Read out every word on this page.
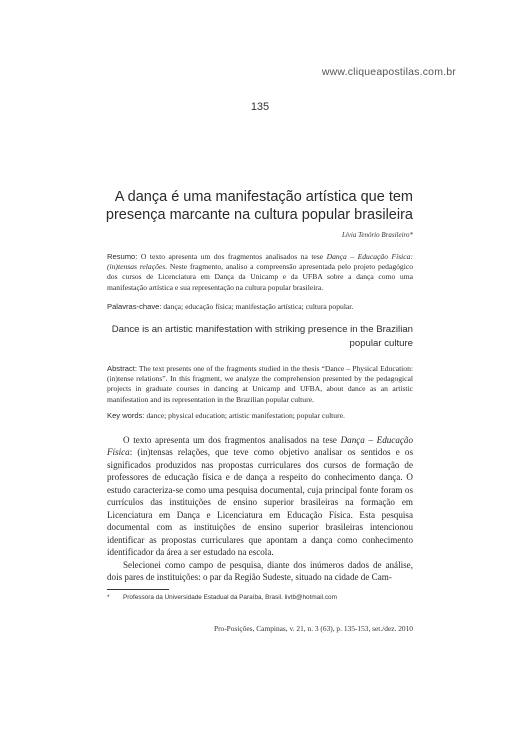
www.cliqueapostilas.com.br
135
A dança é uma manifestação artística que tem presença marcante na cultura popular brasileira
Lívia Tenório Brasileiro*
Resumo: O texto apresenta um dos fragmentos analisados na tese Dança – Educação Física: (in)tensas relações. Neste fragmento, analiso a compreensão apresentada pelo projeto pedagógico dos cursos de Licenciatura em Dança da Unicamp e da UFBA sobre a dança como uma manifestação artística e sua representação na cultura popular brasileira.
Palavras-chave: dança; educação física; manifestação artística; cultura popular.
Dance is an artistic manifestation with striking presence in the Brazilian popular culture
Abstract: The text presents one of the fragments studied in the thesis “Dance – Physical Education: (in)tense relations”. In this fragment, we analyze the comprehension presented by the pedagogical projects in graduate courses in dancing at Unicamp and UFBA, about dance as an artistic manifestation and its representation in the Brazilian popular culture.
Key words: dance; physical education; artistic manifestation; popular culture.

O texto apresenta um dos fragmentos analisados na tese Dança – Educação Física: (in)tensas relações, que teve como objetivo analisar os sentidos e os significados produzidos nas propostas curriculares dos cursos de formação de professores de educação física e de dança a respeito do conhecimento dança. O estudo caracteriza-se como uma pesquisa documental, cuja principal fonte foram os currículos das instituições de ensino superior brasileiras na formação em Licenciatura em Dança e Licenciatura em Educação Física. Esta pesquisa documental com as instituições de ensino superior brasileiras intencionou identificar as propostas curriculares que apontam a dança como conhecimento identificador da área a ser estudado na escola.

Selecionei como campo de pesquisa, diante dos inúmeros dados de análise, dois pares de instituições: o par da Região Sudeste, situado na cidade de Cam-

* Professora da Universidade Estadual da Paraíba, Brasil. livtb@hotmail.com
Pro-Posições, Campinas, v. 21, n. 3 (63), p. 135-153, set./dez. 2010
